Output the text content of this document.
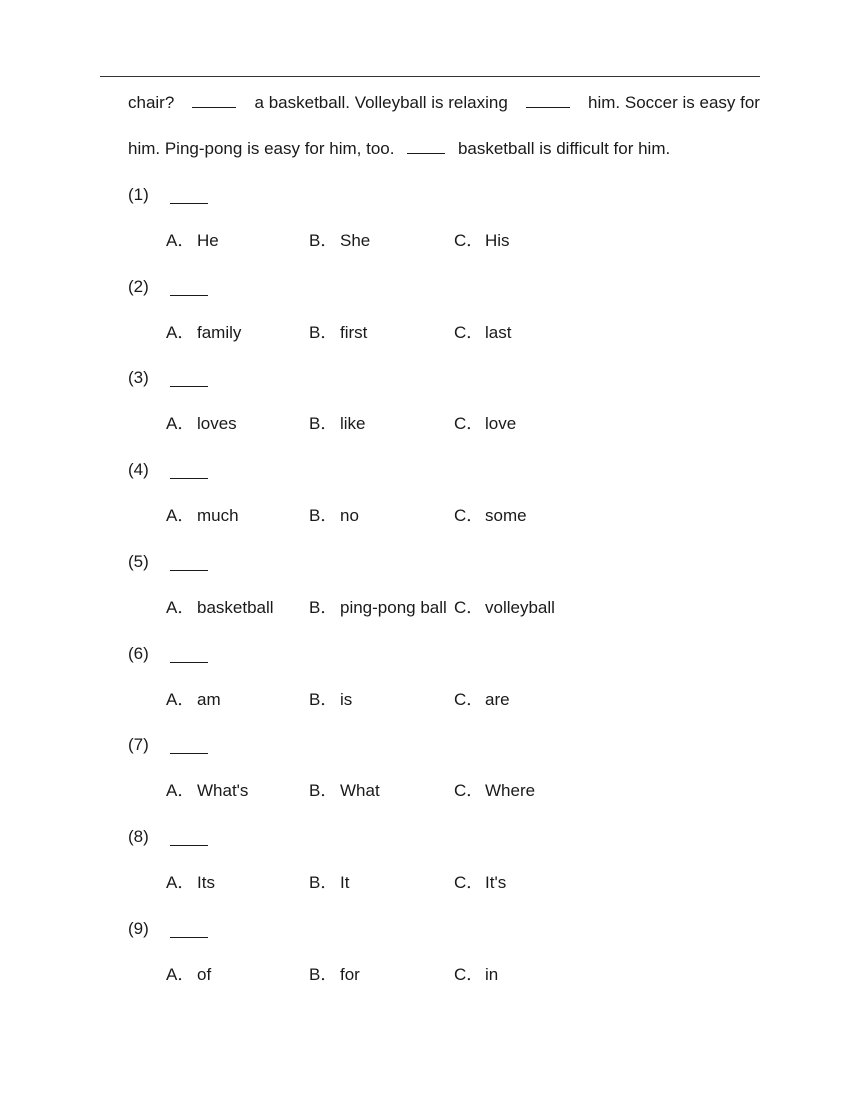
chair?	a basketball. Volleyball is relaxing	him. Soccer is easy for
him. Ping-pong is easy for him, too.	basketball is difficult for him.
(1)
A． He	B． She	C． His
(2)
A． family	B． first	C． last
(3)
A． loves	B． like	C． love
(4)
A． much	B． no	C． some
(5)
A． basketball B． ping-pong ball C． volleyball
(6)
A． am	B． is	C． are
(7)
A． What's	B． What	C． Where
(8)
A． Its	B． It	C． It's
(9)
A． of	B． for	C． in
